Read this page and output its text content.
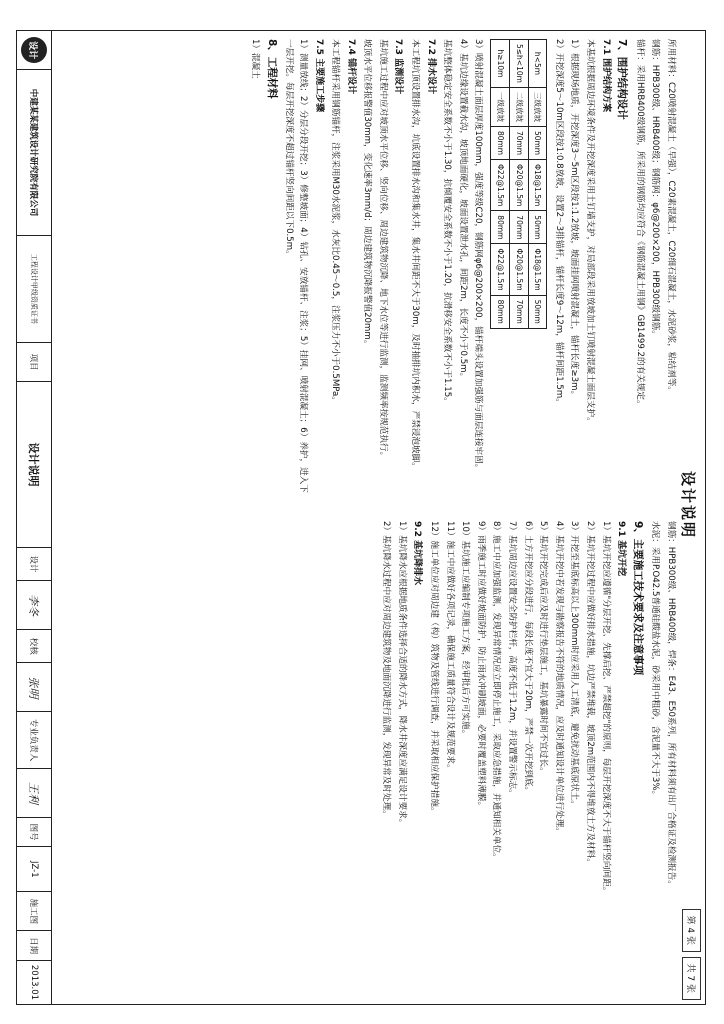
设计说明
第 4 张
共 7 张

所用材料：C20喷射混凝土（早强），C20素混凝土，C20细石混凝土，水泥砂浆，粘结剂等。

钢筋：HPB300级、HRB400级；钢筋网：φ6@200×200，HPB300级钢筋。

锚杆：采用HRB400级钢筋，所采用的钢筋均应符合《钢筋混凝土用钢》GB1499.2的有关规定。

7、围护结构设计
7.1 围护结构方案

本基坑根据周边环境条件及开挖深度采用土钉墙支护，对局部段采用放坡加土钉喷射混凝土面层支护。

1）根据现场地质，开挖深度3～5m区段按1:1.2放坡，坡面挂网喷射混凝土，锚杆长度≥3m。

2）开挖深度5～10m区段按1:0.8放坡，设置2～3排锚杆，锚杆长度9～12m，锚杆间距1.5m。

h<5m	三级放坡	50mm	Φ18@1.5m	50mm	Φ18@1.5m	50mm
5≤h<10m	二级放坡	70mm	Φ20@1.5m	70mm	Φ20@1.5m	70mm
h≥10m	一级放坡	80mm	Φ22@1.5m	80mm	Φ22@1.5m	80mm

3）喷射混凝土面层厚度100mm，强度等级C20，钢筋网φ6@200×200，锚杆端头设置加强筋与面层连接牢固。

4）基坑边缘设置截水沟，坡顶地面硬化，坡面设置泄水孔，间距2m，长度不小于0.5m。

基坑整体稳定安全系数不小于1.30，抗倾覆安全系数不小于1.20，抗滑移安全系数不小于1.15。

7.2 排水设计

本工程坑顶设置排水沟，坑底设置排水沟和集水井，集水井间距不大于30m，及时抽排坑内积水，严禁浸泡坡脚。

7.3 监测设计

基坑施工过程中应对坡顶水平位移、竖向位移、周边建筑物沉降、地下水位等进行监测，监测频率按规范执行。

坡顶水平位移报警值30mm，变化速率3mm/d；周边建筑物沉降报警值20mm。

7.4 锚杆设计

本工程锚杆采用钢筋锚杆，注浆采用M30水泥浆，水灰比0.45～0.5，注浆压力不小于0.5MPa。

7.5 主要施工步骤

1）测量放线；2）分层分段开挖；3）修整坡面；4）钻孔、安放锚杆、注浆；5）挂网、喷射混凝土；6）养护，进入下一层开挖。每层开挖深度不超过锚杆竖向间距以下0.5m。

8、工程材料

1）混凝土

钢筋：HPB300级、HRB400级，焊条：E43、E50系列，所有材料须有出厂合格证及检测报告。

水泥：采用P.O42.5普通硅酸盐水泥，砂采用中粗砂，含泥量不大于3%。

9、主要施工技术要求及注意事项
9.1 基坑开挖

1）基坑开挖应遵循"分层开挖、先撑后挖、严禁超挖"的原则，每层开挖深度不大于锚杆竖向间距。

2）基坑开挖过程中应做好排水措施，坑边严禁堆载，坡顶2m范围内不得堆放土方及材料。

3）开挖至基底标高以上300mm时应采用人工清底，避免扰动基底原状土。

4）基坑开挖中若发现与勘察报告不符的地质情况，应及时通知设计单位进行处理。

5）基坑开挖完成后应及时进行垫层施工，基坑暴露时间不宜过长。

6）土方开挖应分段进行，每段长度不宜大于20m，严禁一次开挖到底。

7）基坑周边应设置安全防护栏杆，高度不低于1.2m，并设置警示标志。

8）施工中应加强监测，发现异常情况应立即停止施工，采取应急措施，并通知相关单位。

9）雨季施工时应做好坡面防护，防止雨水冲刷坡面，必要时覆盖塑料薄膜。

10）基坑施工应编制专项施工方案，经审批后方可实施。

11）施工中应做好各项记录，确保施工质量符合设计及规范要求。

12）施工单位应对周边建（构）筑物及管线进行调查，并采取相应保护措施。

9.2 基坑降排水

1）基坑降水应根据地质条件选择合适的降水方式，降水井深度应满足设计要求。

2）基坑降水过程中应对周边建筑物及地面沉降进行监测，发现异常及时处理。

设计
中建某某建筑设计研究院有限公司
工程设计甲级资质证书
项目
设计说明
设计
李冬
校核
张明
专业负责人
王利
图号
JZ-1
施工图
日期
2013.01
